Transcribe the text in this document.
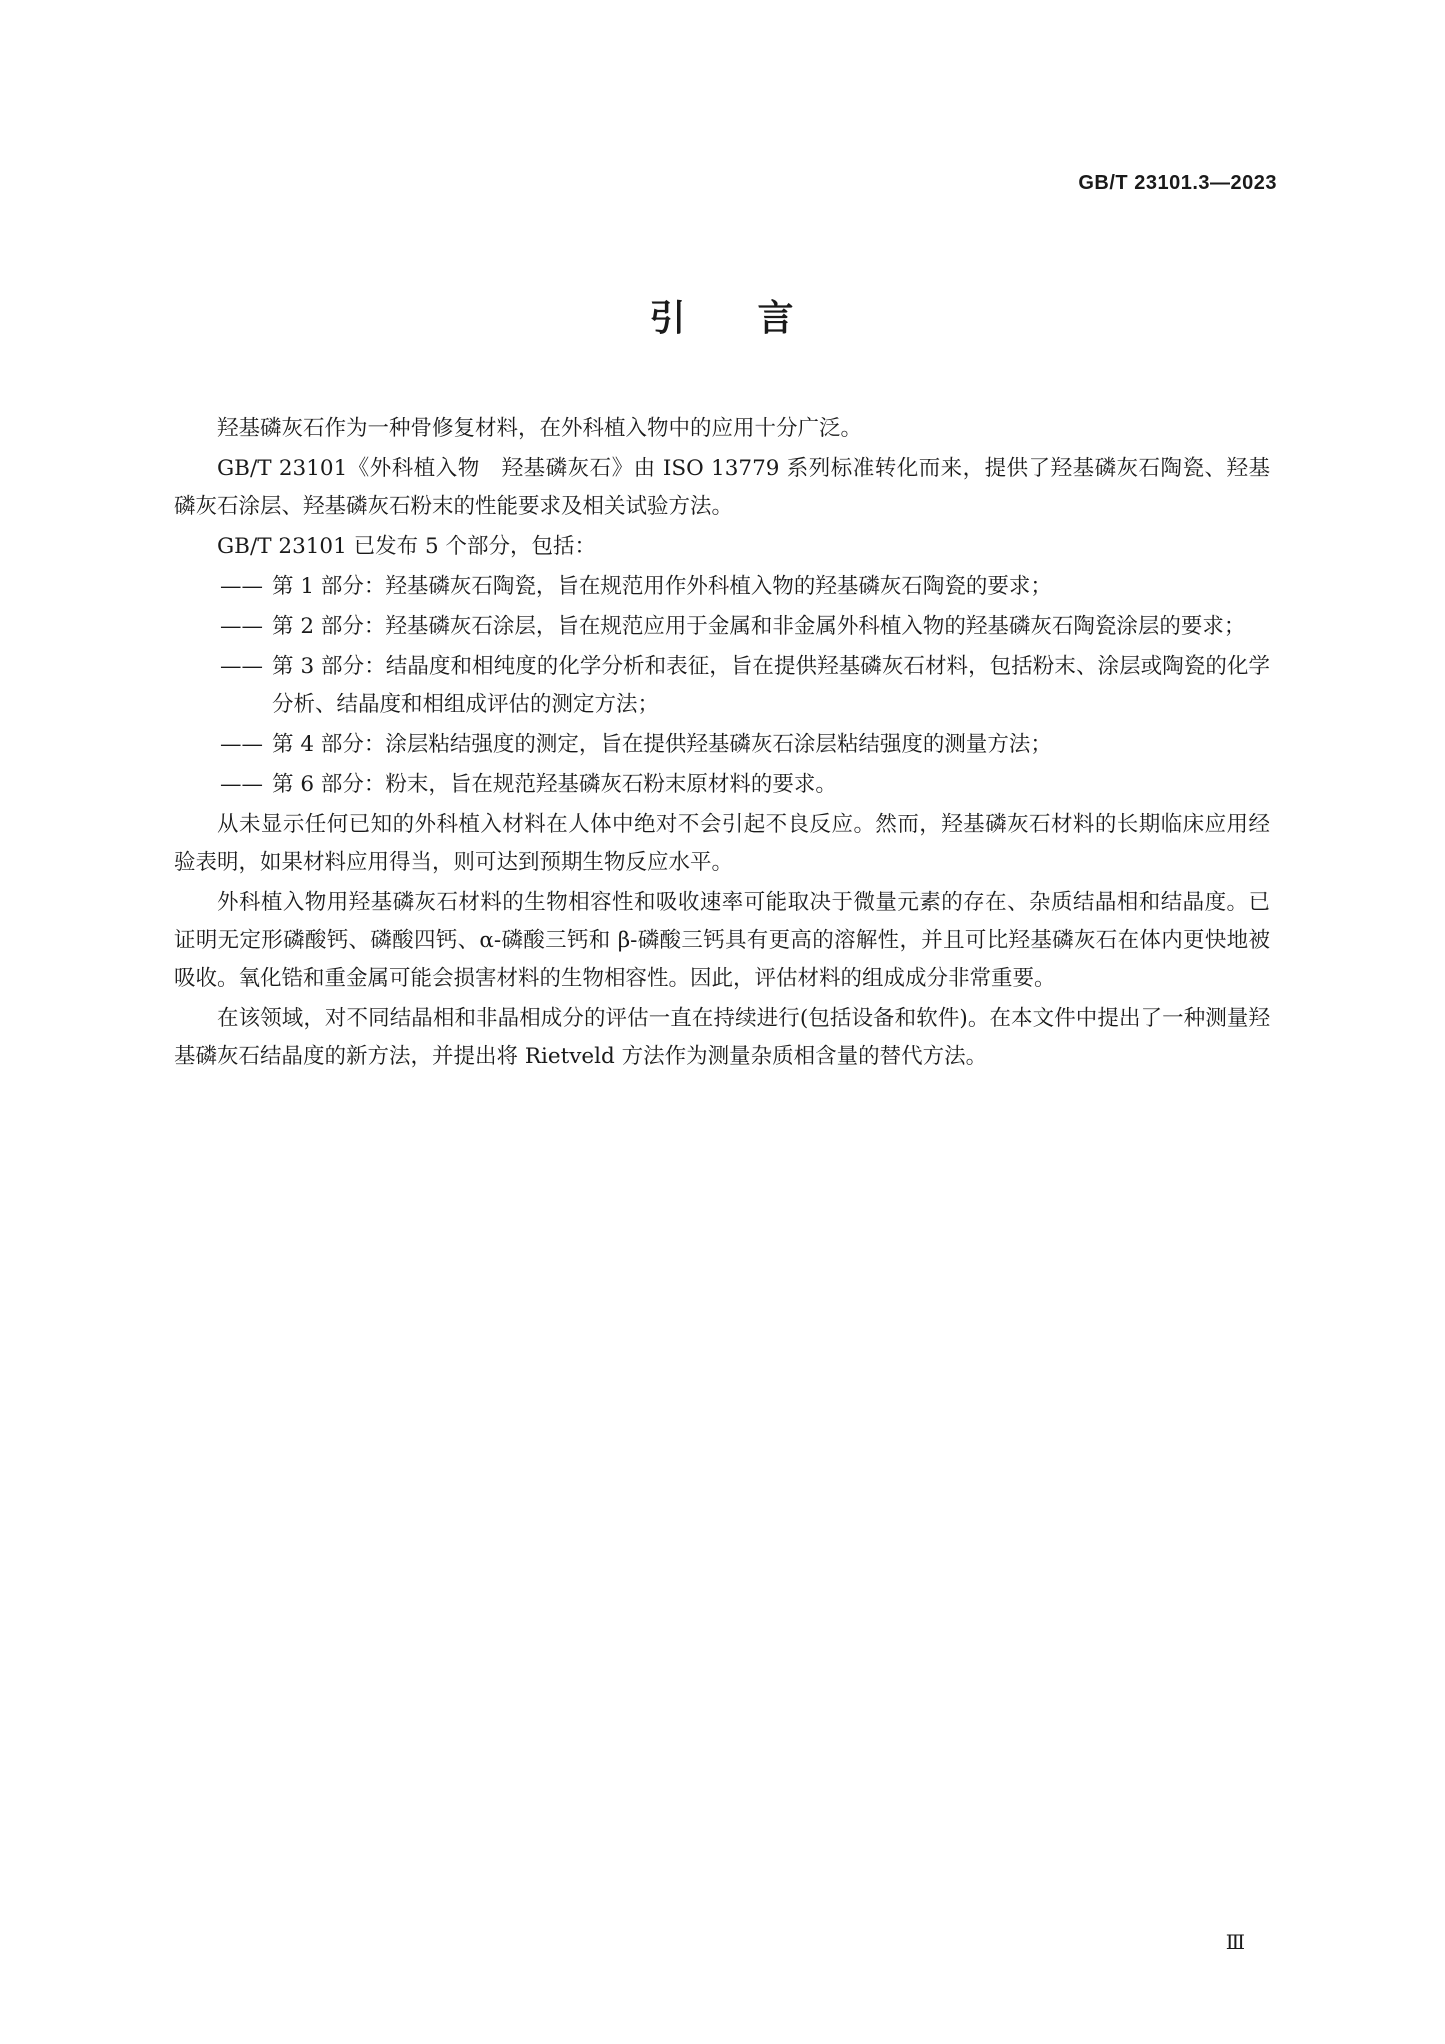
GB/T 23101.3—2023
引 言

羟基磷灰石作为一种骨修复材料，在外科植入物中的应用十分广泛。

GB/T 23101《外科植入物　羟基磷灰石》由 ISO 13779 系列标准转化而来，提供了羟基磷灰石陶瓷、羟基磷灰石涂层、羟基磷灰石粉末的性能要求及相关试验方法。

GB/T 23101 已发布 5 个部分，包括：

—— 第 1 部分：羟基磷灰石陶瓷，旨在规范用作外科植入物的羟基磷灰石陶瓷的要求；

—— 第 2 部分：羟基磷灰石涂层，旨在规范应用于金属和非金属外科植入物的羟基磷灰石陶瓷涂层的要求；

—— 第 3 部分：结晶度和相纯度的化学分析和表征，旨在提供羟基磷灰石材料，包括粉末、涂层或陶瓷的化学分析、结晶度和相组成评估的测定方法；

—— 第 4 部分：涂层粘结强度的测定，旨在提供羟基磷灰石涂层粘结强度的测量方法；

—— 第 6 部分：粉末，旨在规范羟基磷灰石粉末原材料的要求。

从未显示任何已知的外科植入材料在人体中绝对不会引起不良反应。然而，羟基磷灰石材料的长期临床应用经验表明，如果材料应用得当，则可达到预期生物反应水平。

外科植入物用羟基磷灰石材料的生物相容性和吸收速率可能取决于微量元素的存在、杂质结晶相和结晶度。已证明无定形磷酸钙、磷酸四钙、α-磷酸三钙和 β-磷酸三钙具有更高的溶解性，并且可比羟基磷灰石在体内更快地被吸收。氧化锆和重金属可能会损害材料的生物相容性。因此，评估材料的组成成分非常重要。

在该领域，对不同结晶相和非晶相成分的评估一直在持续进行(包括设备和软件)。在本文件中提出了一种测量羟基磷灰石结晶度的新方法，并提出将 Rietveld 方法作为测量杂质相含量的替代方法。

Ⅲ
